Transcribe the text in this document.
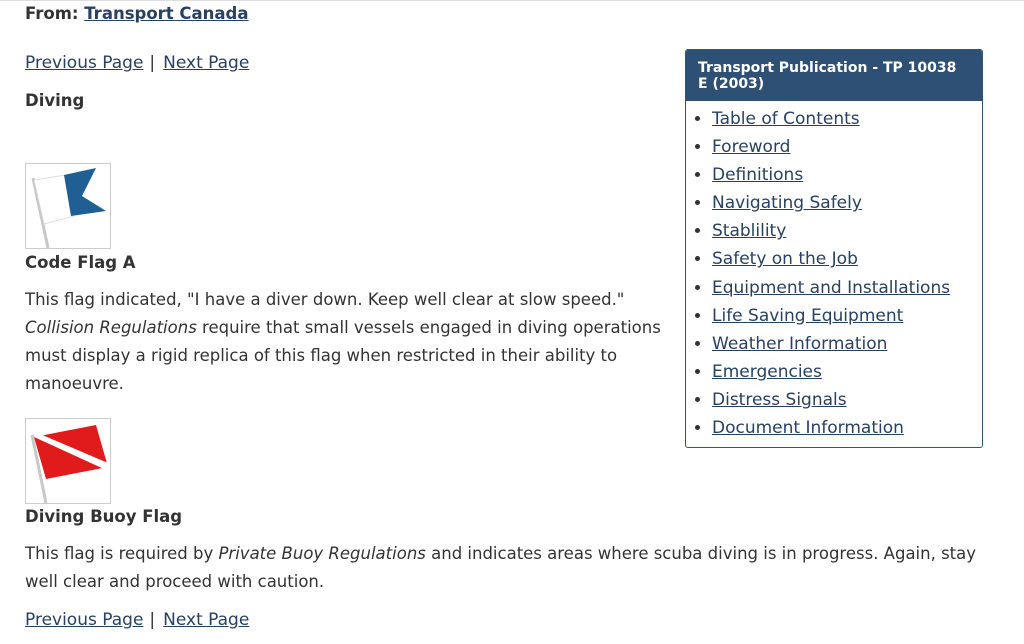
From: Transport Canada
Previous Page | Next Page
Diving
Code Flag A

This flag indicated, "I have a diver down. Keep well clear at slow speed." Collision Regulations require that small vessels engaged in diving operations must display a rigid replica of this flag when restricted in their ability to manoeuvre.

Diving Buoy Flag

This flag is required by Private Buoy Regulations and indicates areas where scuba diving is in progress. Again, stay well clear and proceed with caution.

Previous Page | Next Page
Transport Publication - TP 10038 E (2003)
• Table of Contents
• Foreword
• Definitions
• Navigating Safely
• Stablility
• Safety on the Job
• Equipment and Installations
• Life Saving Equipment
• Weather Information
• Emergencies
• Distress Signals
• Document Information
